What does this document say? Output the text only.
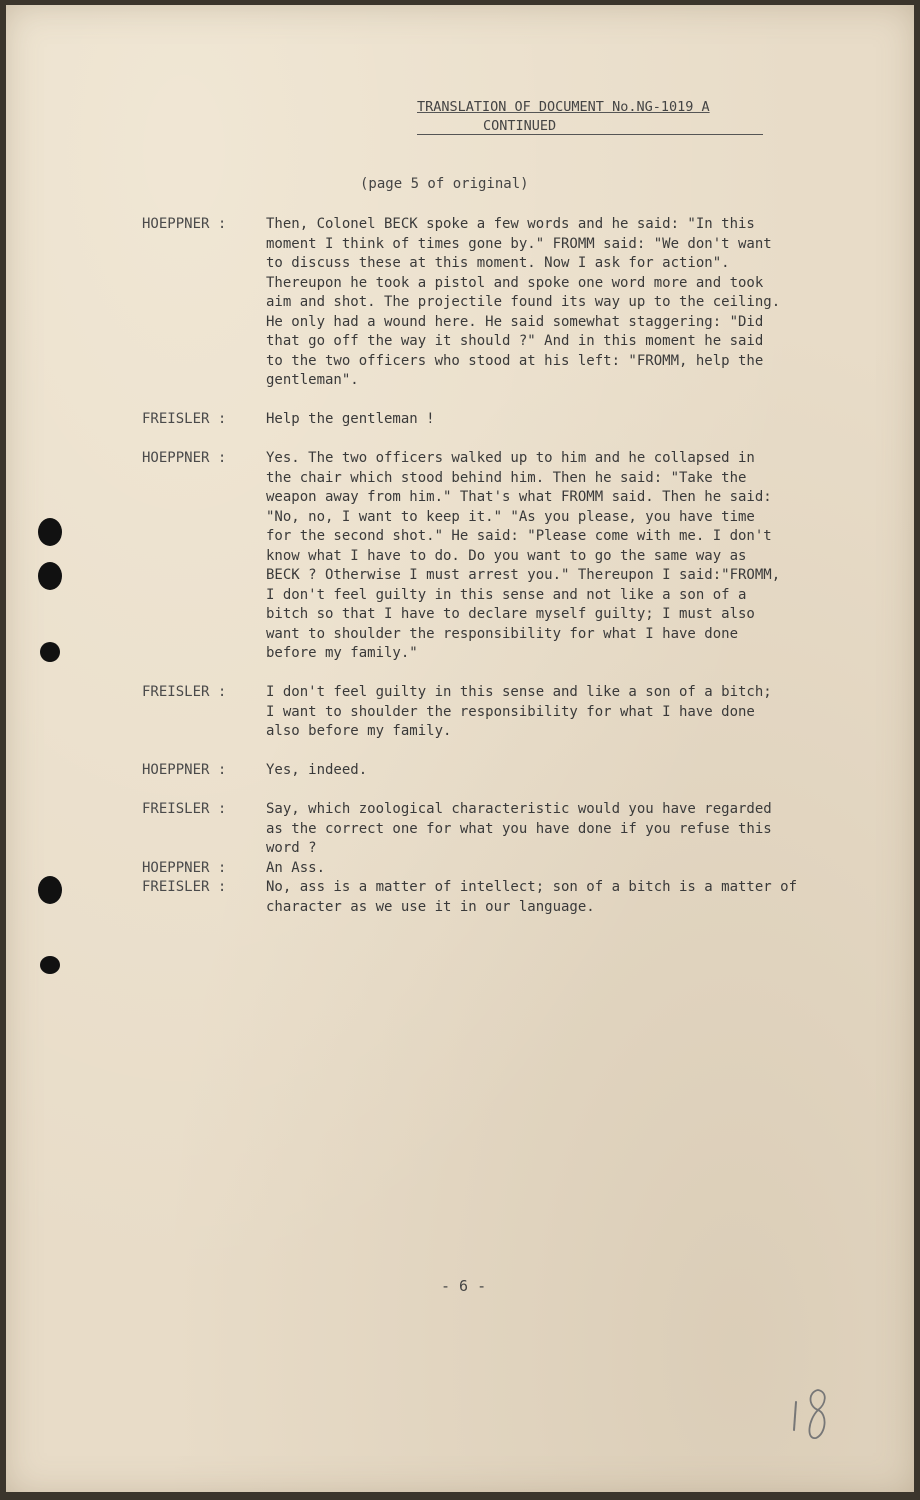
TRANSLATION OF DOCUMENT No.NG-1019 A
CONTINUED
(page 5 of original)
HOEPPNER :	Then, Colonel BECK spoke a few words and he said: "In this

moment I think of times gone by." FROMM said: "We don't want

to discuss these at this moment. Now I ask for action".

Thereupon he took a pistol and spoke one word more and took

aim and shot. The projectile found its way up to the ceiling.

He only had a wound here. He said somewhat staggering: "Did

that go off the way it should ?" And in this moment he said

to the two officers who stood at his left: "FROMM, help the

gentleman".

FREISLER :	Help the gentleman !

HOEPPNER :	Yes. The two officers walked up to him and he collapsed in

the chair which stood behind him. Then he said: "Take the

weapon away from him." That's what FROMM said. Then he said:

"No, no, I want to keep it." "As you please, you have time

for the second shot." He said: "Please come with me. I don't

know what I have to do. Do you want to go the same way as

BECK ? Otherwise I must arrest you." Thereupon I said:"FROMM,

I don't feel guilty in this sense and not like a son of a

bitch so that I have to declare myself guilty; I must also

want to shoulder the responsibility for what I have done

before my family."

FREISLER :	I don't feel guilty in this sense and like a son of a bitch;

I want to shoulder the responsibility for what I have done

also before my family.

HOEPPNER :	Yes, indeed.

FREISLER :	Say, which zoological characteristic would you have regarded

as the correct one for what you have done if you refuse this

word ?

HOEPPNER :	An Ass.

FREISLER :	No, ass is a matter of intellect; son of a bitch is a matter of

character as we use it in our language.

- 6 -
